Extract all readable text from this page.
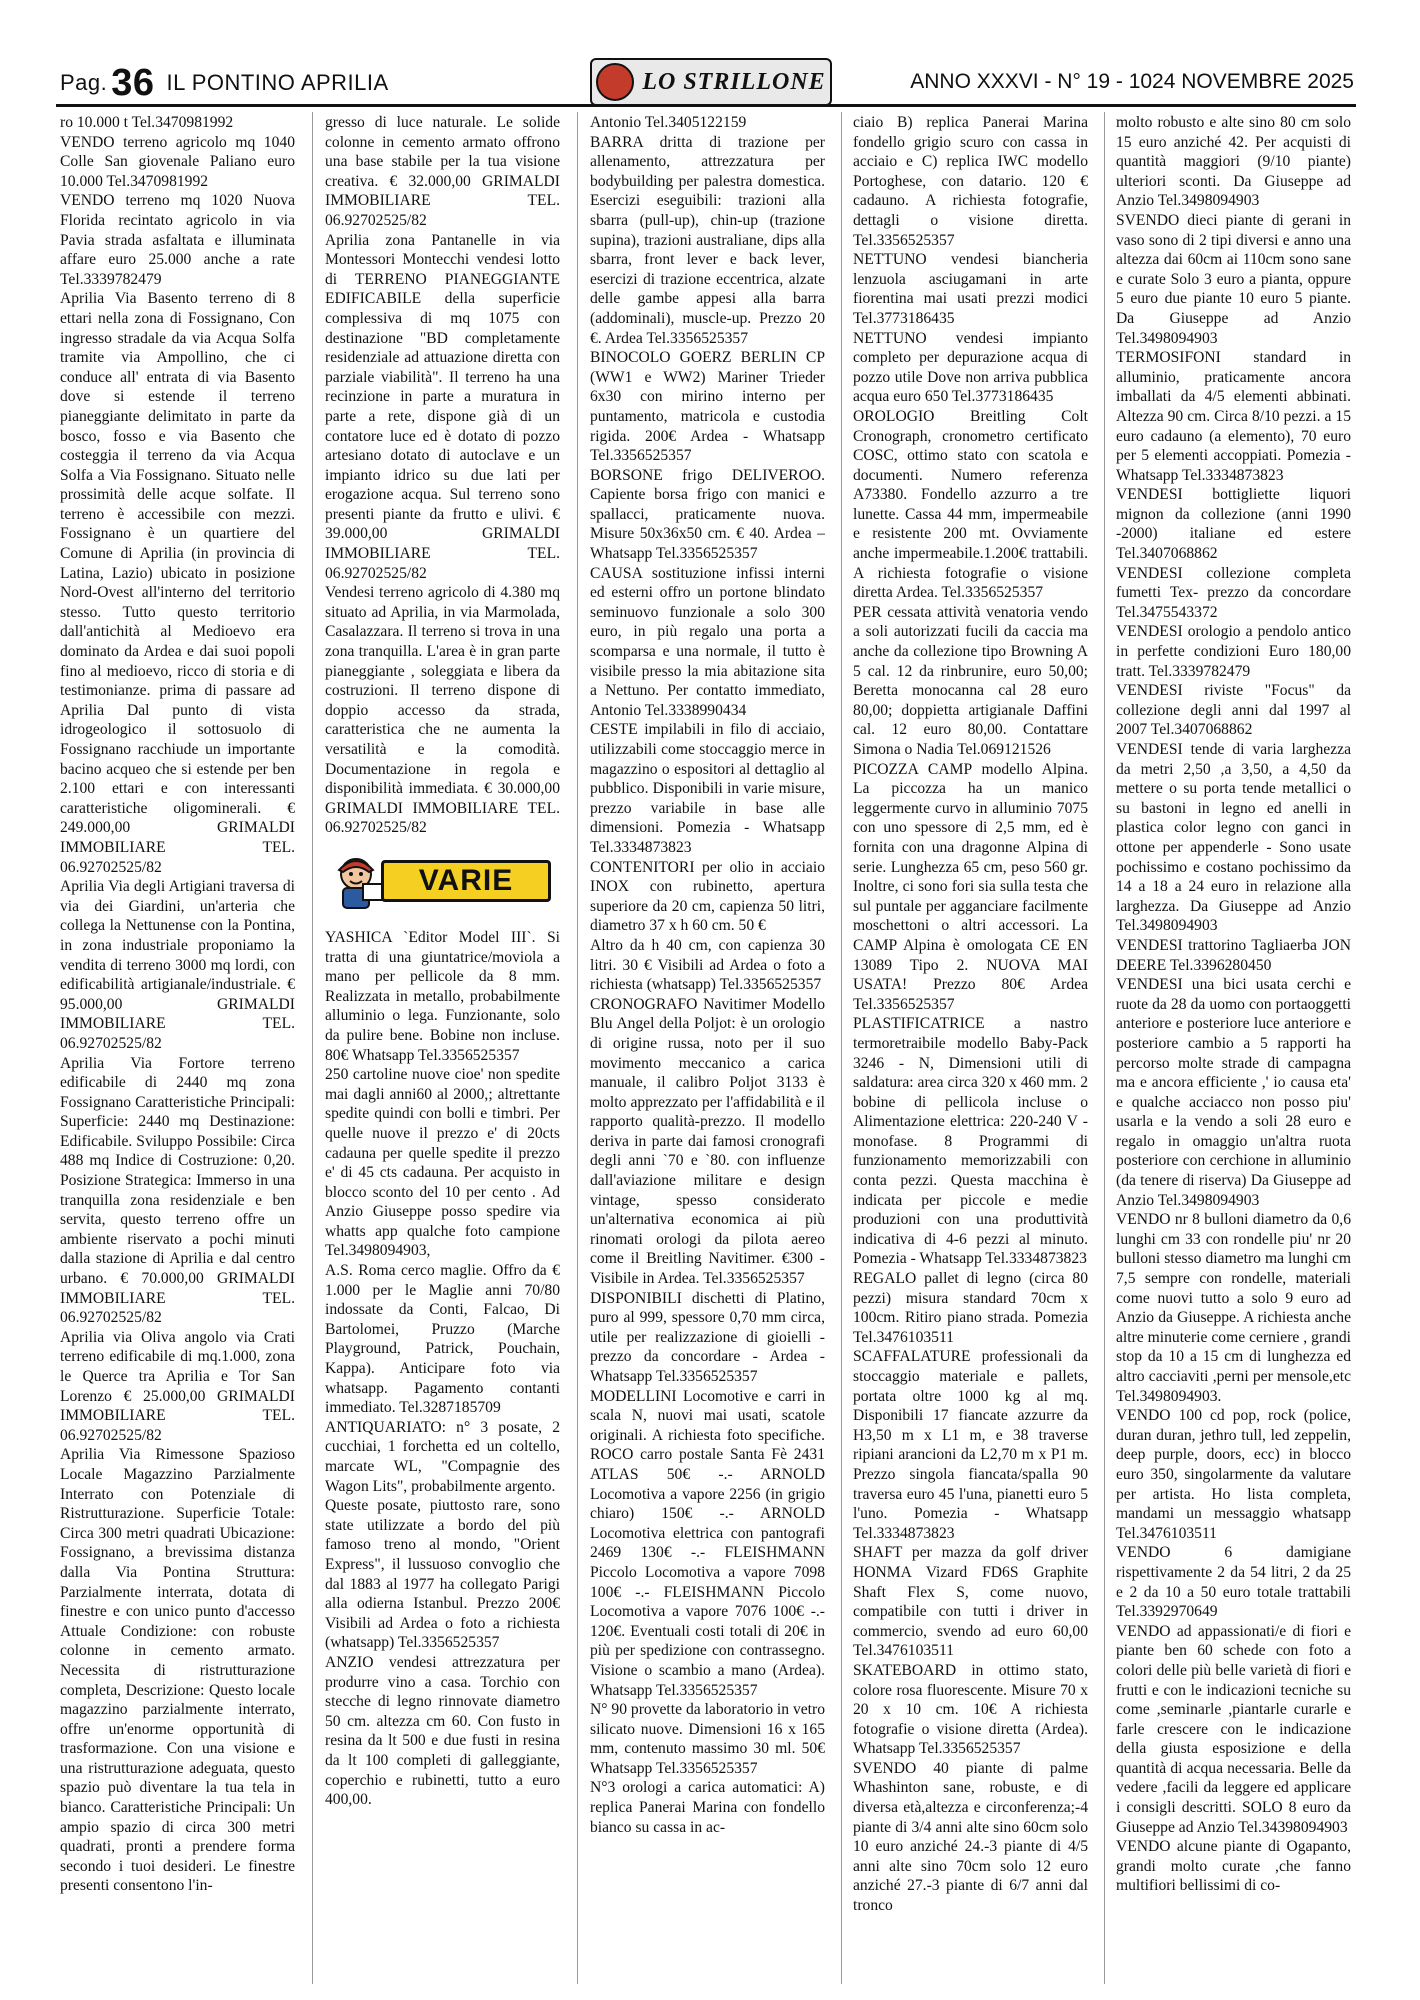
Pag. 36 IL PONTINO APRILIA	LO STRILLONE	ANNO XXXVI - N° 19 - 1024 NOVEMBRE 2025

ro 10.000 t Tel.3470981992

VENDO terreno agricolo mq 1040 Colle San giovenale Paliano euro 10.000 Tel.3470981992

VENDO terreno mq 1020 Nuova Florida recintato agricolo in via Pavia strada asfaltata e illuminata affare euro 25.000 anche a rate Tel.3339782479

Aprilia Via Basento terreno di 8 ettari nella zona di Fossignano, Con ingresso stradale da via Acqua Solfa tramite via Ampollino, che ci conduce all' entrata di via Basento dove si estende il terreno pianeggiante delimitato in parte da bosco, fosso e via Basento che costeggia il terreno da via Acqua Solfa a Via Fossignano. Situato nelle prossimità delle acque solfate. Il terreno è accessibile con mezzi. Fossignano è un quartiere del Comune di Aprilia (in provincia di Latina, Lazio) ubicato in posizione Nord-Ovest all'interno del territorio stesso. Tutto questo territorio dall'antichità al Medioevo era dominato da Ardea e dai suoi popoli fino al medioevo, ricco di storia e di testimonianze. prima di passare ad Aprilia Dal punto di vista idrogeologico il sottosuolo di Fossignano racchiude un importante bacino acqueo che si estende per ben 2.100 ettari e con interessanti caratteristiche oligominerali. € 249.000,00 GRIMALDI IMMOBILIARE TEL. 06.92702525/82

Aprilia Via degli Artigiani traversa di via dei Giardini, un'arteria che collega la Nettunense con la Pontina, in zona industriale proponiamo la vendita di terreno 3000 mq lordi, con edificabilità artigianale/industriale. € 95.000,00 GRIMALDI IMMOBILIARE TEL. 06.92702525/82

Aprilia Via Fortore terreno edificabile di 2440 mq zona Fossignano Caratteristiche Principali: Superficie: 2440 mq Destinazione: Edificabile. Sviluppo Possibile: Circa 488 mq Indice di Costruzione: 0,20. Posizione Strategica: Immerso in una tranquilla zona residenziale e ben servita, questo terreno offre un ambiente riservato a pochi minuti dalla stazione di Aprilia e dal centro urbano. € 70.000,00 GRIMALDI IMMOBILIARE TEL. 06.92702525/82

Aprilia via Oliva angolo via Crati terreno edificabile di mq.1.000, zona le Querce tra Aprilia e Tor San Lorenzo € 25.000,00 GRIMALDI IMMOBILIARE TEL. 06.92702525/82

Aprilia Via Rimessone Spazioso Locale Magazzino Parzialmente Interrato con Potenziale di Ristrutturazione. Superficie Totale: Circa 300 metri quadrati Ubicazione: Fossignano, a brevissima distanza dalla Via Pontina Struttura: Parzialmente interrata, dotata di finestre e con unico punto d'accesso Attuale Condizione: con robuste colonne in cemento armato. Necessita di ristrutturazione completa, Descrizione: Questo locale magazzino parzialmente interrato, offre un'enorme opportunità di trasformazione. Con una visione e una ristrutturazione adeguata, questo spazio può diventare la tua tela in bianco. Caratteristiche Principali: Un ampio spazio di circa 300 metri quadrati, pronti a prendere forma secondo i tuoi desideri. Le finestre presenti consentono l'in-

gresso di luce naturale. Le solide colonne in cemento armato offrono una base stabile per la tua visione creativa. € 32.000,00 GRIMALDI IMMOBILIARE TEL. 06.92702525/82

Aprilia zona Pantanelle in via Montessori Montecchi vendesi lotto di TERRENO PIANEGGIANTE EDIFICABILE della superficie complessiva di mq 1075 con destinazione "BD completamente residenziale ad attuazione diretta con parziale viabilità". Il terreno ha una recinzione in parte a muratura in parte a rete, dispone già di un contatore luce ed è dotato di pozzo artesiano dotato di autoclave e un impianto idrico su due lati per erogazione acqua. Sul terreno sono presenti piante da frutto e ulivi. € 39.000,00 GRIMALDI IMMOBILIARE TEL. 06.92702525/82

Vendesi terreno agricolo di 4.380 mq situato ad Aprilia, in via Marmolada, Casalazzara. Il terreno si trova in una zona tranquilla. L'area è in gran parte pianeggiante , soleggiata e libera da costruzioni. Il terreno dispone di doppio accesso da strada, caratteristica che ne aumenta la versatilità e la comodità. Documentazione in regola e disponibilità immediata. € 30.000,00 GRIMALDI IMMOBILIARE TEL. 06.92702525/82

VARIE

YASHICA `Editor Model III`. Si tratta di una giuntatrice/moviola a mano per pellicole da 8 mm. Realizzata in metallo, probabilmente alluminio o lega. Funzionante, solo da pulire bene. Bobine non incluse. 80€ Whatsapp Tel.3356525357

250 cartoline nuove cioe' non spedite mai dagli anni60 al 2000,; altrettante spedite quindi con bolli e timbri. Per quelle nuove il prezzo e' di 20cts cadauna per quelle spedite il prezzo e' di 45 cts cadauna. Per acquisto in blocco sconto del 10 per cento . Ad Anzio Giuseppe posso spedire via whatts app qualche foto campione Tel.3498094903,

A.S. Roma cerco maglie. Offro da € 1.000 per le Maglie anni 70/80 indossate da Conti, Falcao, Di Bartolomei, Pruzzo (Marche Playground, Patrick, Pouchain, Kappa). Anticipare foto via whatsapp. Pagamento contanti immediato. Tel.3287185709

ANTIQUARIATO: n° 3 posate, 2 cucchiai, 1 forchetta ed un coltello, marcate WL, "Compagnie des Wagon Lits", probabilmente argento.

Queste posate, piuttosto rare, sono state utilizzate a bordo del più famoso treno al mondo, "Orient Express", il lussuoso convoglio che dal 1883 al 1977 ha collegato Parigi alla odierna Istanbul. Prezzo 200€ Visibili ad Ardea o foto a richiesta (whatsapp) Tel.3356525357

ANZIO vendesi attrezzatura per produrre vino a casa. Torchio con stecche di legno rinnovate diametro 50 cm. altezza cm 60. Con fusto in resina da lt 500 e due fusti in resina da lt 100 completi di galleggiante, coperchio e rubinetti, tutto a euro 400,00.

Antonio Tel.3405122159

BARRA dritta di trazione per allenamento, attrezzatura per bodybuilding per palestra domestica. Esercizi eseguibili: trazioni alla sbarra (pull-up), chin-up (trazione supina), trazioni australiane, dips alla sbarra, front lever e back lever, esercizi di trazione eccentrica, alzate delle gambe appesi alla barra (addominali), muscle-up. Prezzo 20 €. Ardea Tel.3356525357

BINOCOLO GOERZ BERLIN CP (WW1 e WW2) Mariner Trieder 6x30 con mirino interno per puntamento, matricola e custodia rigida. 200€ Ardea - Whatsapp Tel.3356525357

BORSONE frigo DELIVEROO. Capiente borsa frigo con manici e spallacci, praticamente nuova. Misure 50x36x50 cm. € 40. Ardea – Whatsapp Tel.3356525357

CAUSA sostituzione infissi interni ed esterni offro un portone blindato seminuovo funzionale a solo 300 euro, in più regalo una porta a scomparsa e una normale, il tutto è visibile presso la mia abitazione sita a Nettuno. Per contatto immediato, Antonio Tel.3338990434

CESTE impilabili in filo di acciaio, utilizzabili come stoccaggio merce in magazzino o espositori al dettaglio al pubblico. Disponibili in varie misure, prezzo variabile in base alle dimensioni. Pomezia - Whatsapp Tel.3334873823

CONTENITORI per olio in acciaio INOX con rubinetto, apertura superiore da 20 cm, capienza 50 litri, diametro 37 x h 60 cm. 50 €

Altro da h 40 cm, con capienza 30 litri. 30 € Visibili ad Ardea o foto a richiesta (whatsapp) Tel.3356525357

CRONOGRAFO Navitimer Modello Blu Angel della Poljot: è un orologio di origine russa, noto per il suo movimento meccanico a carica manuale, il calibro Poljot 3133 è molto apprezzato per l'affidabilità e il rapporto qualità-prezzo. Il modello deriva in parte dai famosi cronografi degli anni `70 e `80. con influenze dall'aviazione militare e design vintage, spesso considerato un'alternativa economica ai più rinomati orologi da pilota aereo come il Breitling Navitimer. €300 - Visibile in Ardea. Tel.3356525357

DISPONIBILI dischetti di Platino, puro al 999, spessore 0,70 mm circa, utile per realizzazione di gioielli - prezzo da concordare - Ardea - Whatsapp Tel.3356525357

MODELLINI Locomotive e carri in scala N, nuovi mai usati, scatole originali. A richiesta foto specifiche. ROCO carro postale Santa Fè 2431 ATLAS 50€ -.- ARNOLD Locomotiva a vapore 2256 (in grigio chiaro) 150€ -.- ARNOLD Locomotiva elettrica con pantografi 2469 130€ -.- FLEISHMANN Piccolo Locomotiva a vapore 7098 100€ -.- FLEISHMANN Piccolo Locomotiva a vapore 7076 100€ -.- 120€. Eventuali costi totali di 20€ in più per spedizione con contrassegno. Visione o scambio a mano (Ardea). Whatsapp Tel.3356525357

N° 90 provette da laboratorio in vetro silicato nuove. Dimensioni 16 x 165 mm, contenuto massimo 30 ml. 50€ Whatsapp Tel.3356525357

N°3 orologi a carica automatici: A) replica Panerai Marina con fondello bianco su cassa in ac-

ciaio B) replica Panerai Marina fondello grigio scuro con cassa in acciaio e C) replica IWC modello Portoghese, con datario. 120 € cadauno. A richiesta fotografie, dettagli o visione diretta. Tel.3356525357

NETTUNO vendesi biancheria lenzuola asciugamani in arte fiorentina mai usati prezzi modici Tel.3773186435

NETTUNO vendesi impianto completo per depurazione acqua di pozzo utile Dove non arriva pubblica acqua euro 650 Tel.3773186435

OROLOGIO Breitling Colt Cronograph, cronometro certificato COSC, ottimo stato con scatola e documenti. Numero referenza A73380. Fondello azzurro a tre lunette. Cassa 44 mm, impermeabile e resistente 200 mt. Ovviamente anche impermeabile.1.200€ trattabili. A richiesta fotografie o visione diretta Ardea. Tel.3356525357

PER cessata attività venatoria vendo a soli autorizzati fucili da caccia ma anche da collezione tipo Browning A 5 cal. 12 da rinbrunire, euro 50,00; Beretta monocanna cal 28 euro 80,00; doppietta artigianale Daffini cal. 12 euro 80,00. Contattare Simona o Nadia Tel.069121526

PICOZZA CAMP modello Alpina. La piccozza ha un manico leggermente curvo in alluminio 7075 con uno spessore di 2,5 mm, ed è fornita con una dragonne Alpina di serie. Lunghezza 65 cm, peso 560 gr. Inoltre, ci sono fori sia sulla testa che sul puntale per agganciare facilmente moschettoni o altri accessori. La CAMP Alpina è omologata CE EN 13089 Tipo 2. NUOVA MAI USATA! Prezzo 80€ Ardea Tel.3356525357

PLASTIFICATRICE a nastro termoretraibile modello Baby-Pack 3246 - N, Dimensioni utili di saldatura: area circa 320 x 460 mm. 2 bobine di pellicola incluse o Alimentazione elettrica: 220-240 V - monofase. 8 Programmi di funzionamento memorizzabili con conta pezzi. Questa macchina è indicata per piccole e medie produzioni con una produttività indicativa di 4-6 pezzi al minuto. Pomezia - Whatsapp Tel.3334873823

REGALO pallet di legno (circa 80 pezzi) misura standard 70cm x 100cm. Ritiro piano strada. Pomezia Tel.3476103511

SCAFFALATURE professionali da stoccaggio materiale e pallets, portata oltre 1000 kg al mq. Disponibili 17 fiancate azzurre da H3,50 m x L1 m, e 38 traverse ripiani arancioni da L2,70 m x P1 m. Prezzo singola fiancata/spalla 90 traversa euro 45 l'una, pianetti euro 5 l'uno. Pomezia - Whatsapp Tel.3334873823

SHAFT per mazza da golf driver HONMA Vizard FD6S Graphite Shaft Flex S, come nuovo, compatibile con tutti i driver in commercio, svendo ad euro 60,00 Tel.3476103511

SKATEBOARD in ottimo stato, colore rosa fluorescente. Misure 70 x 20 x 10 cm. 10€ A richiesta fotografie o visione diretta (Ardea). Whatsapp Tel.3356525357

SVENDO 40 piante di palme Whashinton sane, robuste, e di diversa età,altezza e circonferenza;-4 piante di 3/4 anni alte sino 60cm solo 10 euro anziché 24.-3 piante di 4/5 anni alte sino 70cm solo 12 euro anziché 27.-3 piante di 6/7 anni dal tronco

molto robusto e alte sino 80 cm solo 15 euro anziché 42. Per acquisti di quantità maggiori (9/10 piante) ulteriori sconti. Da Giuseppe ad Anzio Tel.3498094903

SVENDO dieci piante di gerani in vaso sono di 2 tipi diversi e anno una altezza dai 60cm ai 110cm sono sane e curate Solo 3 euro a pianta, oppure 5 euro due piante 10 euro 5 piante. Da Giuseppe ad Anzio Tel.3498094903

TERMOSIFONI standard in alluminio, praticamente ancora imballati da 4/5 elementi abbinati. Altezza 90 cm. Circa 8/10 pezzi. a 15 euro cadauno (a elemento), 70 euro per 5 elementi accoppiati. Pomezia - Whatsapp Tel.3334873823

VENDESI bottigliette liquori mignon da collezione (anni 1990 -2000) italiane ed estere Tel.3407068862

VENDESI collezione completa fumetti Tex- prezzo da concordare Tel.3475543372

VENDESI orologio a pendolo antico in perfette condizioni Euro 180,00 tratt. Tel.3339782479

VENDESI riviste "Focus" da collezione degli anni dal 1997 al 2007 Tel.3407068862

VENDESI tende di varia larghezza da metri 2,50 ,a 3,50, a 4,50 da mettere o su porta tende metallici o su bastoni in legno ed anelli in plastica color legno con ganci in ottone per appenderle - Sono usate pochissimo e costano pochissimo da 14 a 18 a 24 euro in relazione alla larghezza. Da Giuseppe ad Anzio Tel.3498094903

VENDESI trattorino Tagliaerba JON DEERE Tel.3396280450

VENDESI una bici usata cerchi e ruote da 28 da uomo con portaoggetti anteriore e posteriore luce anteriore e posteriore cambio a 5 rapporti ha percorso molte strade di campagna ma e ancora efficiente ,' io causa eta' e qualche acciacco non posso piu' usarla e la vendo a soli 28 euro e regalo in omaggio un'altra ruota posteriore con cerchione in alluminio (da tenere di riserva) Da Giuseppe ad Anzio Tel.3498094903

VENDO nr 8 bulloni diametro da 0,6 lunghi cm 33 con rondelle piu' nr 20 bulloni stesso diametro ma lunghi cm 7,5 sempre con rondelle, materiali come nuovi tutto a solo 9 euro ad Anzio da Giuseppe. A richiesta anche altre minuterie come cerniere , grandi stop da 10 a 15 cm di lunghezza ed altro cacciaviti ,perni per mensole,etc Tel.3498094903.

VENDO 100 cd pop, rock (police, duran duran, jethro tull, led zeppelin, deep purple, doors, ecc) in blocco euro 350, singolarmente da valutare per artista. Ho lista completa, mandami un messaggio whatsapp Tel.3476103511

VENDO 6 damigiane rispettivamente 2 da 54 litri, 2 da 25 e 2 da 10 a 50 euro totale trattabili Tel.3392970649

VENDO ad appassionati/e di fiori e piante ben 60 schede con foto a colori delle più belle varietà di fiori e frutti e con le indicazioni tecniche su come ,seminarle ,piantarle curarle e farle crescere con le indicazione della giusta esposizione e della quantità di acqua necessaria. Belle da vedere ,facili da leggere ed applicare i consigli descritti. SOLO 8 euro da Giuseppe ad Anzio Tel.34398094903

VENDO alcune piante di Ogapanto, grandi molto curate ,che fanno multifiori bellissimi di co-
